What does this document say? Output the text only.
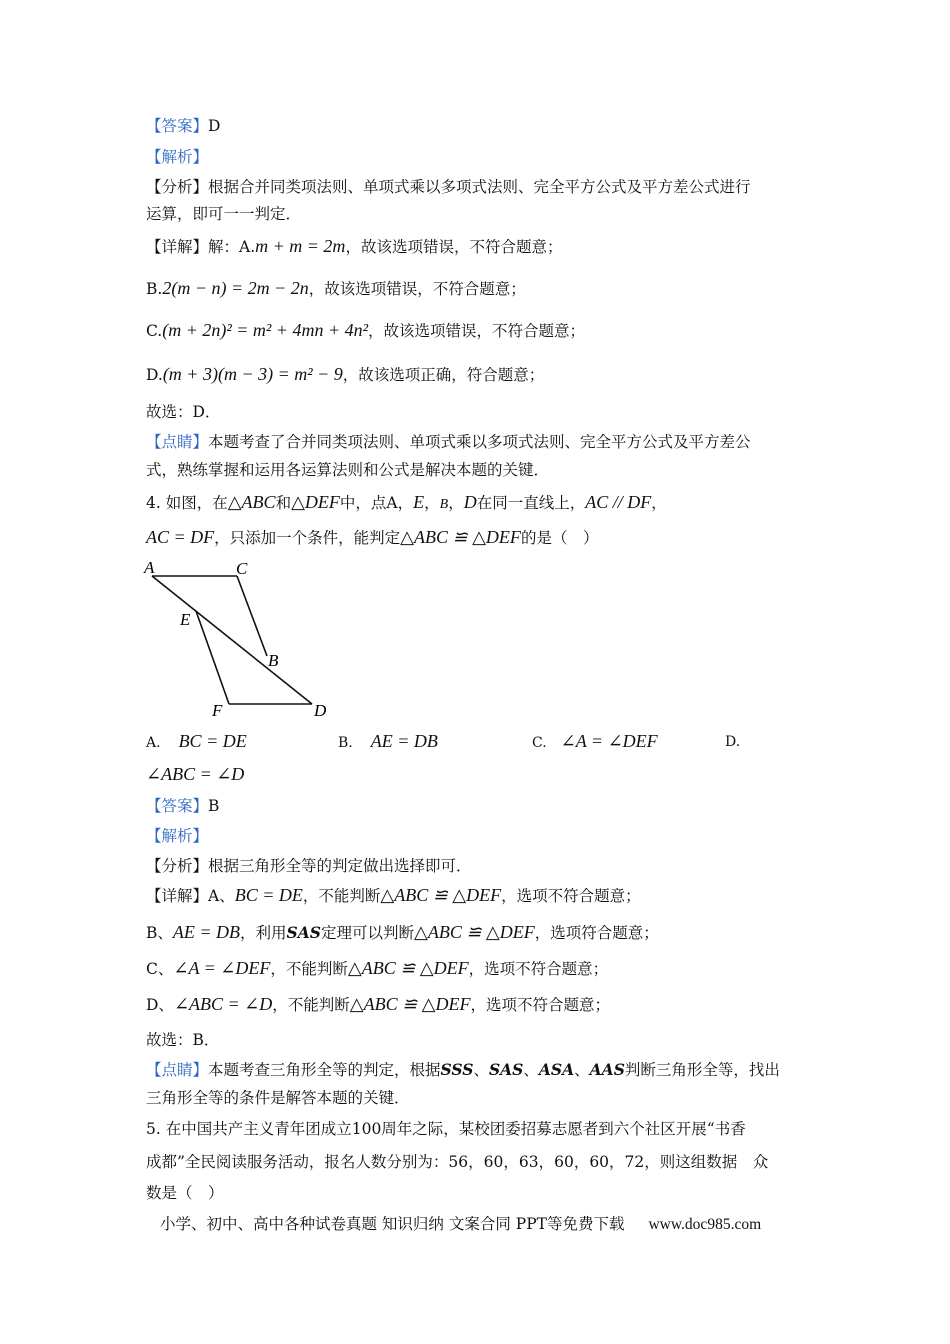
【答案】D
【解析】
【分析】根据合并同类项法则、单项式乘以多项式法则、完全平方公式及平方差公式进行
运算，即可一一判定．
【详解】解：A.m + m = 2m，故该选项错误，不符合题意；
B.2(m − n) = 2m − 2n，故该选项错误，不符合题意；
C.(m + 2n)² = m² + 4mn + 4n²，故该选项错误，不符合题意；
D.(m + 3)(m − 3) = m² − 9，故该选项正确，符合题意；
故选：D．
【点睛】本题考查了合并同类项法则、单项式乘以多项式法则、完全平方公式及平方差公
式，熟练掌握和运用各运算法则和公式是解决本题的关键．
4. 如图，在△ABC和△DEF中，点A，E，B，D在同一直线上，AC // DF，
AC = DF，只添加一个条件，能判定△ABC ≌ △DEF的是（　）
A	C
E
B
F	D
A. BC = DE	B. AE = DB	C. ∠A = ∠DEF	D.
∠ABC = ∠D
【答案】B
【解析】
【分析】根据三角形全等的判定做出选择即可．
【详解】A、BC = DE，不能判断△ABC ≌ △DEF，选项不符合题意；
B、AE = DB，利用SAS定理可以判断△ABC ≌ △DEF，选项符合题意；
C、∠A = ∠DEF，不能判断△ABC ≌ △DEF，选项不符合题意；
D、∠ABC = ∠D，不能判断△ABC ≌ △DEF，选项不符合题意；
故选：B．
【点睛】本题考查三角形全等的判定，根据SSS、SAS、ASA、AAS判断三角形全等，找出
三角形全等的条件是解答本题的关键．
5. 在中国共产主义青年团成立100周年之际，某校团委招募志愿者到六个社区开展“书香
成都”全民阅读服务活动，报名人数分别为：56，60，63，60，60，72，则这组数据　众
数是（　）
小学、初中、高中各种试卷真题 知识归纳 文案合同 PPT等免费下载 www.doc985.com
